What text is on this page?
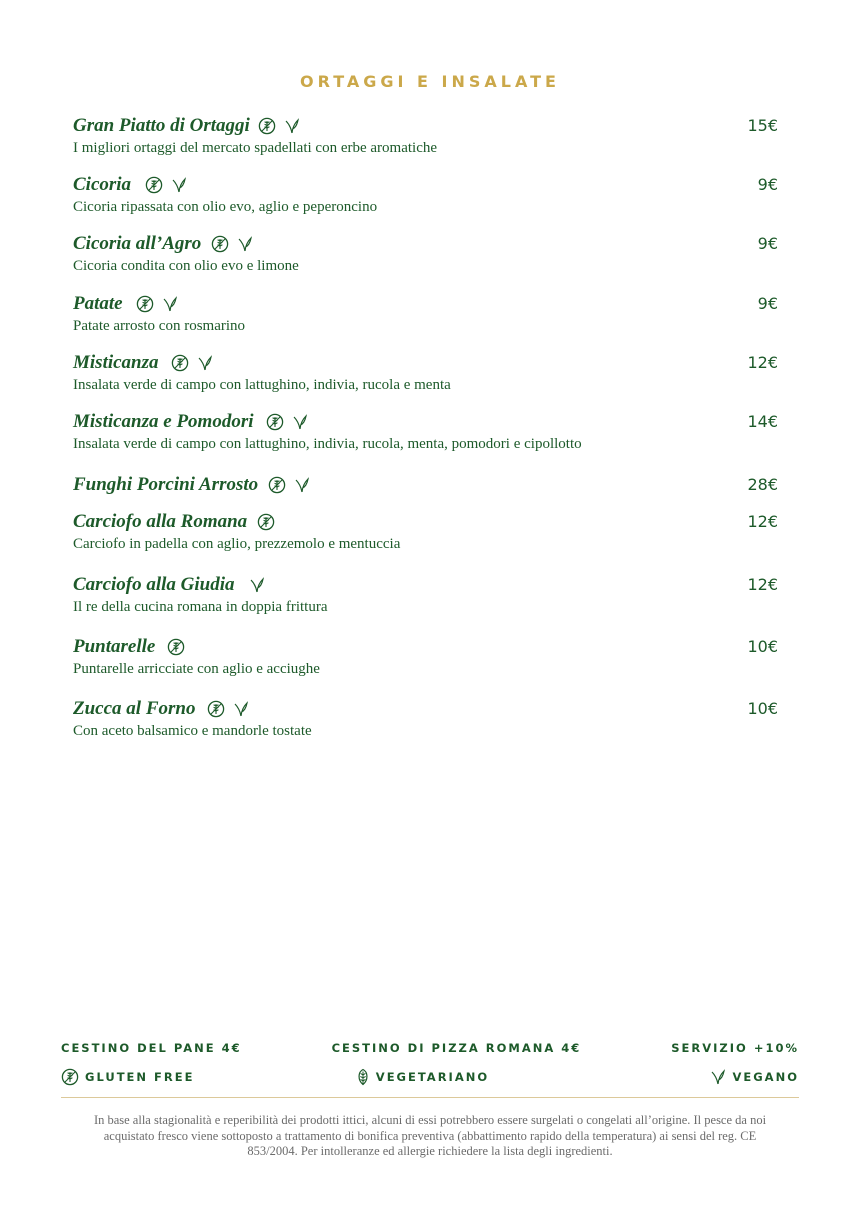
ORTAGGI E INSALATE
Gran Piatto di Ortaggi	15€
I migliori ortaggi del mercato spadellati con erbe aromatiche
Cicoria	9€
Cicoria ripassata con olio evo, aglio e peperoncino
Cicoria all’Agro	9€
Cicoria condita con olio evo e limone
Patate	9€
Patate arrosto con rosmarino
Misticanza	12€
Insalata verde di campo con lattughino, indivia, rucola e menta
Misticanza e Pomodori	14€
Insalata verde di campo con lattughino, indivia, rucola, menta, pomodori e cipollotto
Funghi Porcini Arrosto	28€
Carciofo alla Romana	12€
Carciofo in padella con aglio, prezzemolo e mentuccia
Carciofo alla Giudia	12€
Il re della cucina romana in doppia frittura
Puntarelle	10€
Puntarelle arricciate con aglio e acciughe
Zucca al Forno	10€
Con aceto balsamico e mandorle tostate
CESTINO DEL PANE 4€	CESTINO DI PIZZA ROMANA 4€	SERVIZIO +10%
GLUTEN FREE	VEGETARIANO	VEGANO
In base alla stagionalità e reperibilità dei prodotti ittici, alcuni di essi potrebbero essere surgelati o congelati all’origine. Il pesce da noi acquistato fresco viene sottoposto a trattamento di bonifica preventiva (abbattimento rapido della temperatura) ai sensi del reg. CE 853/2004. Per intolleranze ed allergie richiedere la lista degli ingredienti.
